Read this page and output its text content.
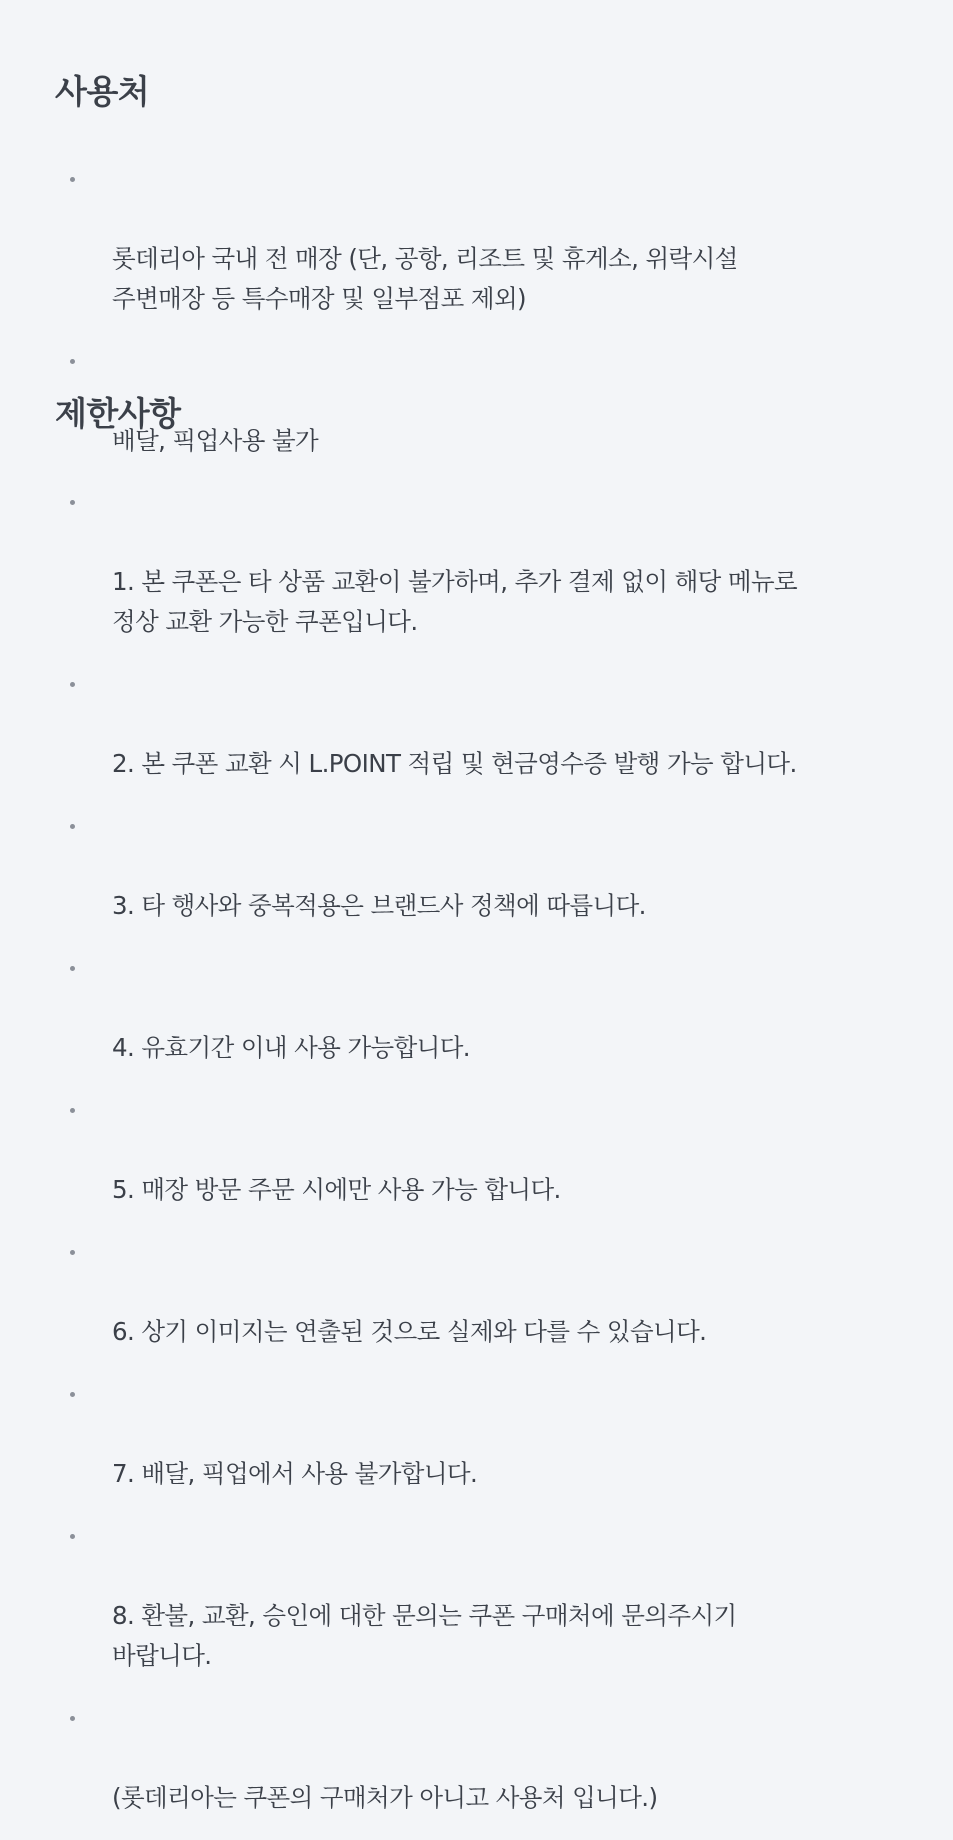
사용처

롯데리아 국내 전 매장 (단, 공항, 리조트 및 휴게소, 위락시설
주변매장 등 특수매장 및 일부점포 제외)

배달, 픽업사용 불가

제한사항

1. 본 쿠폰은 타 상품 교환이 불가하며, 추가 결제 없이 해당 메뉴로
정상 교환 가능한 쿠폰입니다.

2. 본 쿠폰 교환 시 L.POINT 적립 및 현금영수증 발행 가능 합니다.

3. 타 행사와 중복적용은 브랜드사 정책에 따릅니다.

4. 유효기간 이내 사용 가능합니다.

5. 매장 방문 주문 시에만 사용 가능 합니다.

6. 상기 이미지는 연출된 것으로 실제와 다를 수 있습니다.

7. 배달, 픽업에서 사용 불가합니다.

8. 환불, 교환, 승인에 대한 문의는 쿠폰 구매처에 문의주시기
바랍니다.

(롯데리아는 쿠폰의 구매처가 아니고 사용처 입니다.)
